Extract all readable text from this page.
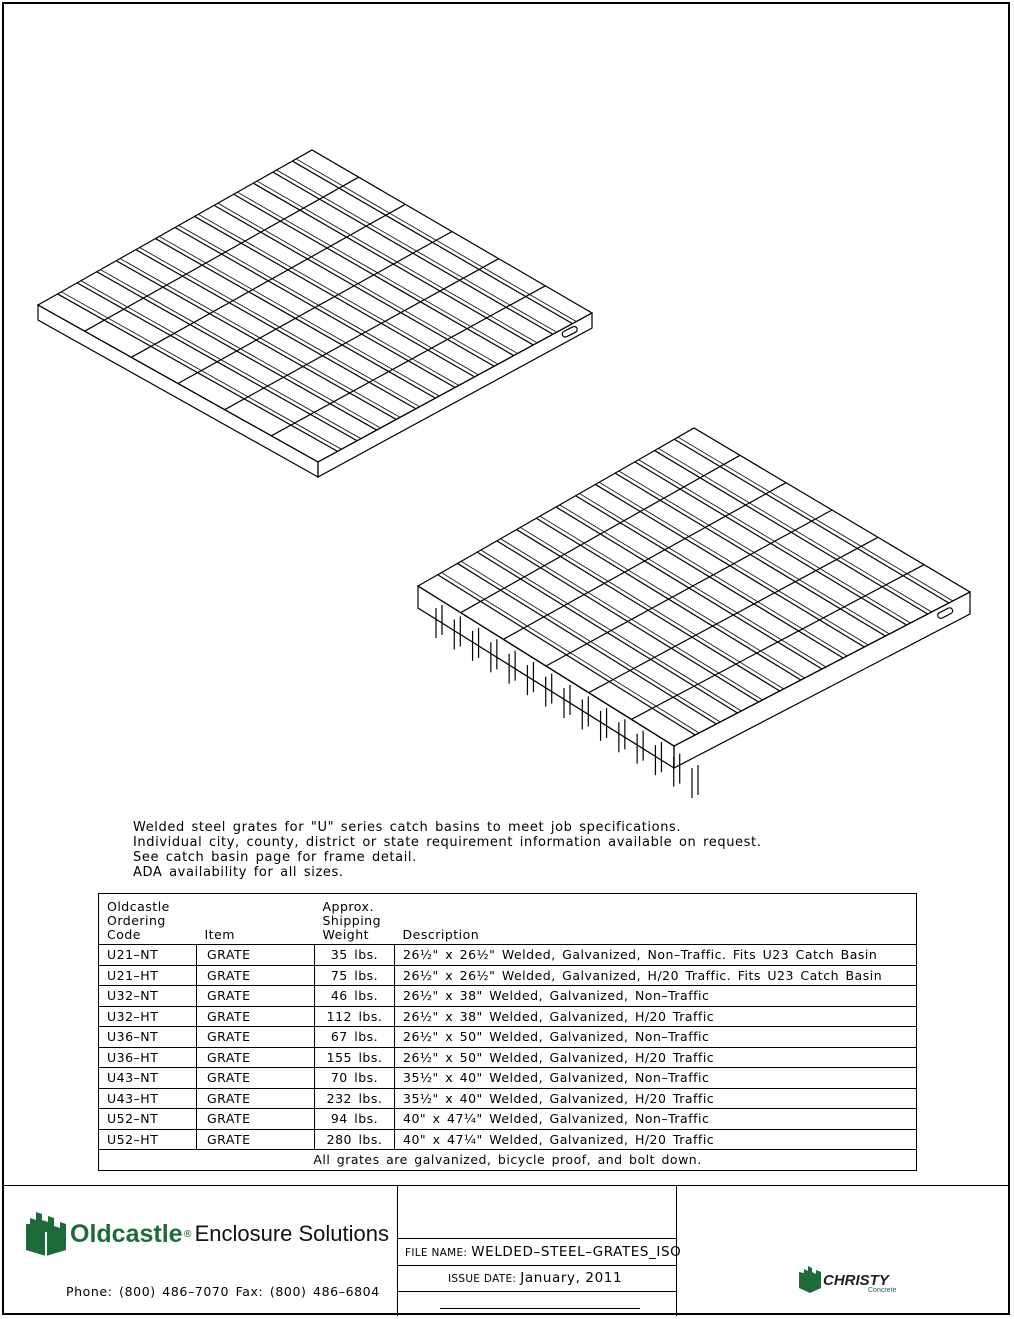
Welded steel grates for "U" series catch basins to meet job specifications.
Individual city, county, district or state requirement information available on request.
See catch basin page for frame detail.
ADA availability for all sizes.
Oldcastle
Ordering
Code	Item	Approx.
Shipping
Weight	Description
U21–NT	GRATE	35 lbs.	26½" x 26½" Welded, Galvanized, Non–Traffic. Fits U23 Catch Basin
U21–HT	GRATE	75 lbs.	26½" x 26½" Welded, Galvanized, H/20 Traffic. Fits U23 Catch Basin
U32–NT	GRATE	46 lbs.	26½" x 38" Welded, Galvanized, Non–Traffic
U32–HT	GRATE	112 lbs.	26½" x 38" Welded, Galvanized, H/20 Traffic
U36–NT	GRATE	67 lbs.	26½" x 50" Welded, Galvanized, Non–Traffic
U36–HT	GRATE	155 lbs.	26½" x 50" Welded, Galvanized, H/20 Traffic
U43–NT	GRATE	70 lbs.	35½" x 40" Welded, Galvanized, Non–Traffic
U43–HT	GRATE	232 lbs.	35½" x 40" Welded, Galvanized, H/20 Traffic
U52–NT	GRATE	94 lbs.	40" x 47¼" Welded, Galvanized, Non–Traffic
U52–HT	GRATE	280 lbs.	40" x 47¼" Welded, Galvanized, H/20 Traffic
All grates are galvanized, bicycle proof, and bolt down.			
Oldcastle ® Enclosure Solutions
Phone: (800) 486–7070 Fax: (800) 486–6804
FILE NAME: WELDED–STEEL–GRATES_ISO
ISSUE DATE: January, 2011	CHRISTY
Concrete
